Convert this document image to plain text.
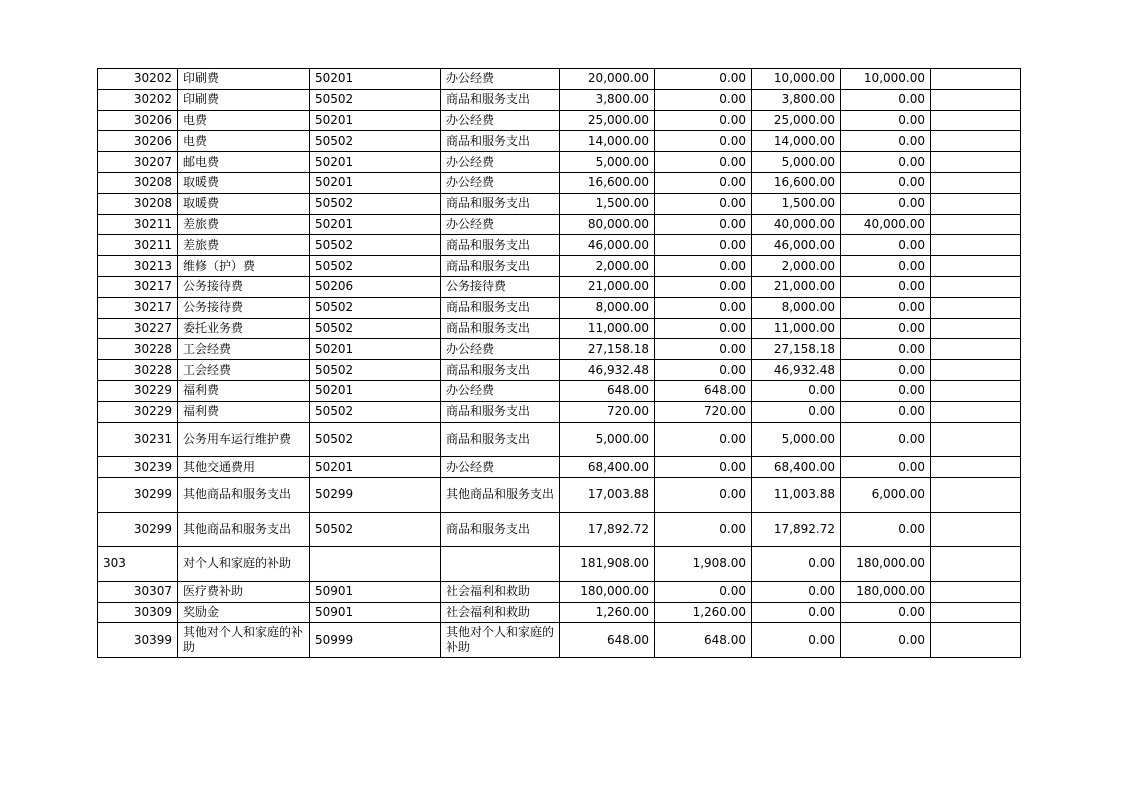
30202	印刷费	50201	办公经费	20,000.00	0.00	10,000.00	10,000.00	
30202	印刷费	50502	商品和服务支出	3,800.00	0.00	3,800.00	0.00	
30206	电费	50201	办公经费	25,000.00	0.00	25,000.00	0.00	
30206	电费	50502	商品和服务支出	14,000.00	0.00	14,000.00	0.00	
30207	邮电费	50201	办公经费	5,000.00	0.00	5,000.00	0.00	
30208	取暖费	50201	办公经费	16,600.00	0.00	16,600.00	0.00	
30208	取暖费	50502	商品和服务支出	1,500.00	0.00	1,500.00	0.00	
30211	差旅费	50201	办公经费	80,000.00	0.00	40,000.00	40,000.00	
30211	差旅费	50502	商品和服务支出	46,000.00	0.00	46,000.00	0.00	
30213	维修（护）费	50502	商品和服务支出	2,000.00	0.00	2,000.00	0.00	
30217	公务接待费	50206	公务接待费	21,000.00	0.00	21,000.00	0.00	
30217	公务接待费	50502	商品和服务支出	8,000.00	0.00	8,000.00	0.00	
30227	委托业务费	50502	商品和服务支出	11,000.00	0.00	11,000.00	0.00	
30228	工会经费	50201	办公经费	27,158.18	0.00	27,158.18	0.00	
30228	工会经费	50502	商品和服务支出	46,932.48	0.00	46,932.48	0.00	
30229	福利费	50201	办公经费	648.00	648.00	0.00	0.00	
30229	福利费	50502	商品和服务支出	720.00	720.00	0.00	0.00	
30231	公务用车运行维护费	50502	商品和服务支出	5,000.00	0.00	5,000.00	0.00	
30239	其他交通费用	50201	办公经费	68,400.00	0.00	68,400.00	0.00	
30299	其他商品和服务支出	50299	其他商品和服务支出	17,003.88	0.00	11,003.88	6,000.00	
30299	其他商品和服务支出	50502	商品和服务支出	17,892.72	0.00	17,892.72	0.00	
303	对个人和家庭的补助			181,908.00	1,908.00	0.00	180,000.00	
30307	医疗费补助	50901	社会福利和救助	180,000.00	0.00	0.00	180,000.00	
30309	奖励金	50901	社会福利和救助	1,260.00	1,260.00	0.00	0.00	
30399	其他对个人和家庭的补助	50999	其他对个人和家庭的补助	648.00	648.00	0.00	0.00	
